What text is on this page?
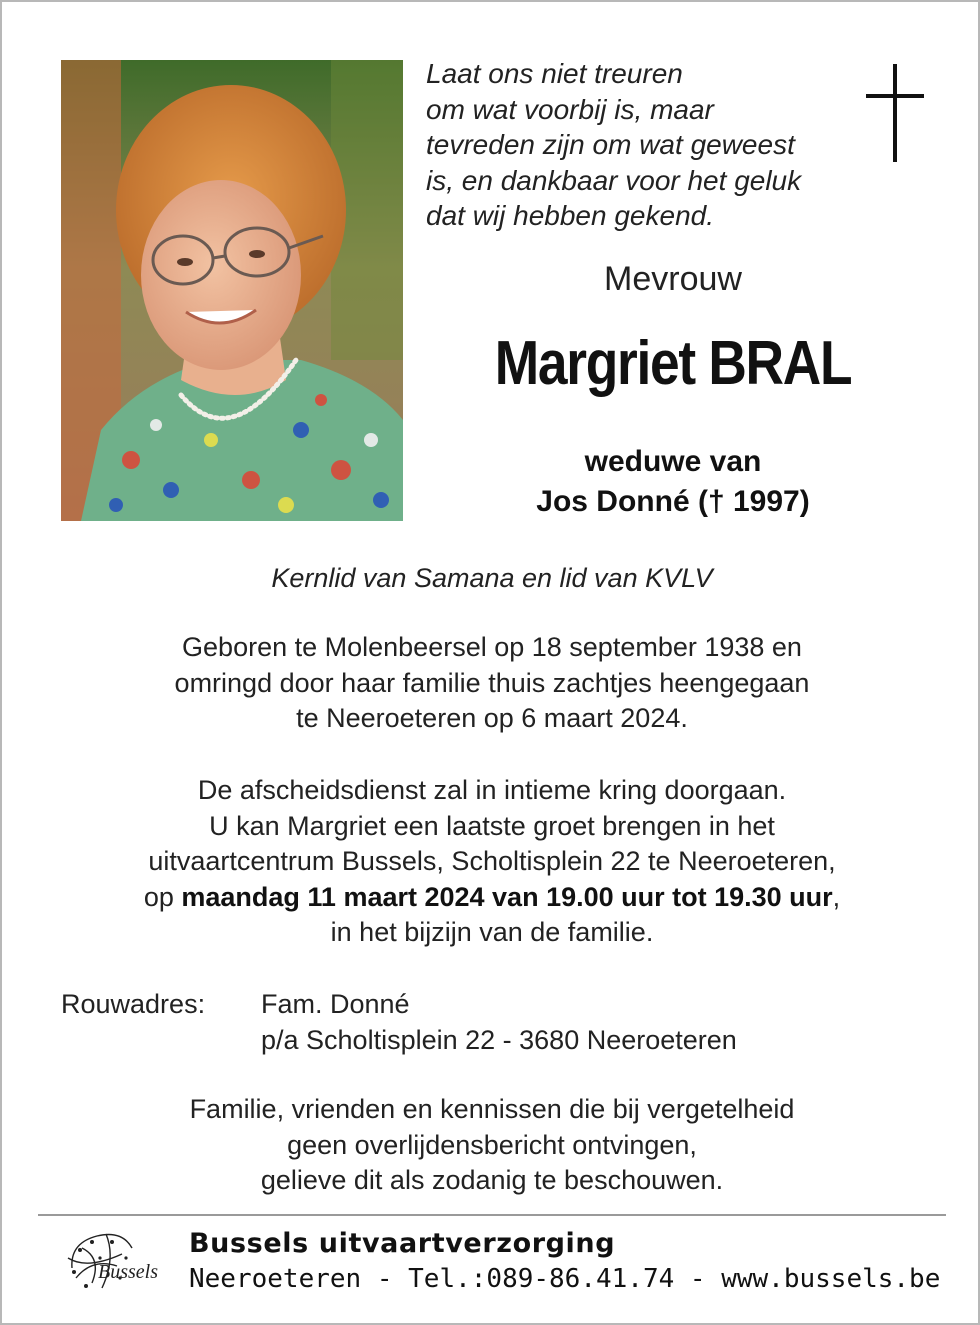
Laat ons niet treuren
om wat voorbij is, maar
tevreden zijn om wat geweest
is, en dankbaar voor het geluk
dat wij hebben gekend.
Mevrouw
Margriet BRAL
weduwe van
Jos Donné († 1997)
Kernlid van Samana en lid van KVLV
Geboren te Molenbeersel op 18 september 1938 en
omringd door haar familie thuis zachtjes heengegaan
te Neeroeteren op 6 maart 2024.
De afscheidsdienst zal in intieme kring doorgaan.
U kan Margriet een laatste groet brengen in het
uitvaartcentrum Bussels, Scholtisplein 22 te Neeroeteren,
op maandag 11 maart 2024 van 19.00 uur tot 19.30 uur,
in het bijzijn van de familie.
Rouwadres: Fam. Donné
p/a Scholtisplein 22 - 3680 Neeroeteren
Familie, vrienden en kennissen die bij vergetelheid
geen overlijdensbericht ontvingen,
gelieve dit als zodanig te beschouwen.
Bussels
Bussels uitvaartverzorging
Neeroeteren - Tel.:089-86.41.74 - www.bussels.be
